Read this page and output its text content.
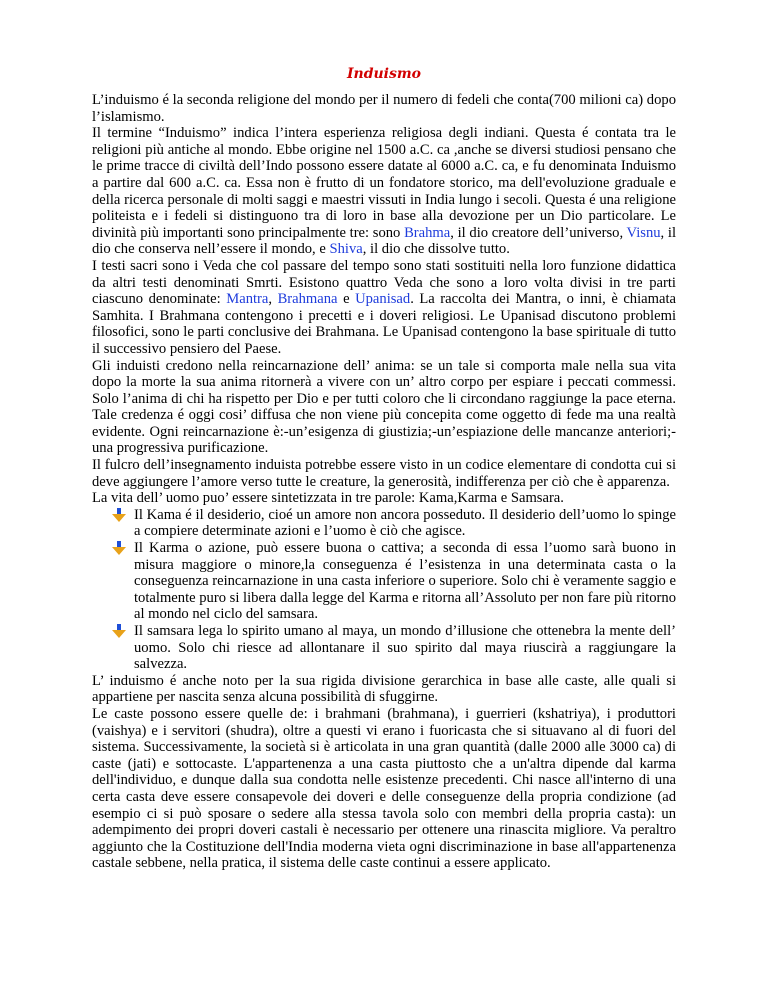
Induismo

L’induismo é la seconda religione del mondo per il numero di fedeli che conta(700 milioni ca) dopo l’islamismo.

Il termine “Induismo” indica l’intera esperienza religiosa degli indiani. Questa é contata tra le religioni più antiche al mondo. Ebbe origine nel 1500 a.C. ca ,anche se diversi studiosi pensano che le prime tracce di civiltà dell’Indo possono essere datate al 6000 a.C. ca, e fu denominata Induismo a partire dal 600 a.C. ca. Essa non è frutto di un fondatore storico, ma dell'evoluzione graduale e della ricerca personale di molti saggi e maestri vissuti in India lungo i secoli. Questa é una religione politeista e i fedeli si distinguono tra di loro in base alla devozione per un Dio particolare. Le divinità più importanti sono principalmente tre: sono Brahma, il dio creatore dell’universo, Visnu, il dio che conserva nell’essere il mondo, e Shiva, il dio che dissolve tutto.

I testi sacri sono i Veda che col passare del tempo sono stati sostituiti nella loro funzione didattica da altri testi denominati Smrti. Esistono quattro Veda che sono a loro volta divisi in tre parti ciascuno denominate: Mantra, Brahmana e Upanisad. La raccolta dei Mantra, o inni, è chiamata Samhita. I Brahmana contengono i precetti e i doveri religiosi. Le Upanisad discutono problemi filosofici, sono le parti conclusive dei Brahmana. Le Upanisad contengono la base spirituale di tutto il successivo pensiero del Paese.

Gli induisti credono nella reincarnazione dell’ anima: se un tale si comporta male nella sua vita dopo la morte la sua anima ritornerà a vivere con un’ altro corpo per espiare i peccati commessi. Solo l’anima di chi ha rispetto per Dio e per tutti coloro che li circondano raggiunge la pace eterna. Tale credenza é oggi cosi’ diffusa che non viene più concepita come oggetto di fede ma una realtà evidente. Ogni reincarnazione è:-un’esigenza di giustizia;-un’espiazione delle mancanze anteriori;-una progressiva purificazione.

Il fulcro dell’insegnamento induista potrebbe essere visto in un codice elementare di condotta cui si deve aggiungere l’amore verso tutte le creature, la generosità, indifferenza per ciò che è apparenza.

La vita dell’ uomo puo’ essere sintetizzata in tre parole: Kama,Karma e Samsara.

Il Kama é il desiderio, cioé un amore non ancora posseduto. Il desiderio dell’uomo lo spinge a compiere determinate azioni e l’uomo è ciò che agisce.
Il Karma o azione, può essere buona o cattiva; a seconda di essa l’uomo sarà buono in misura maggiore o minore,la conseguenza é l’esistenza in una determinata casta o la conseguenza reincarnazione in una casta inferiore o superiore. Solo chi è veramente saggio e totalmente puro si libera dalla legge del Karma e ritorna all’Assoluto per non fare più ritorno al mondo nel ciclo del samsara.
Il samsara lega lo spirito umano al maya, un mondo d’illusione che ottenebra la mente dell’ uomo. Solo chi riesce ad allontanare il suo spirito dal maya riuscirà a raggiungare la salvezza.

L’ induismo é anche noto per la sua rigida divisione gerarchica in base alle caste, alle quali si appartiene per nascita senza alcuna possibilità di sfuggirne.

Le caste possono essere quelle de: i brahmani (brahmana), i guerrieri (kshatriya), i produttori (vaishya) e i servitori (shudra), oltre a questi vi erano i fuoricasta che si situavano al di fuori del sistema. Successivamente, la società si è articolata in una gran quantità (dalle 2000 alle 3000 ca) di caste (jati) e sottocaste. L'appartenenza a una casta piuttosto che a un'altra dipende dal karma dell'individuo, e dunque dalla sua condotta nelle esistenze precedenti. Chi nasce all'interno di una certa casta deve essere consapevole dei doveri e delle conseguenze della propria condizione (ad esempio ci si può sposare o sedere alla stessa tavola solo con membri della propria casta): un adempimento dei propri doveri castali è necessario per ottenere una rinascita migliore. Va peraltro aggiunto che la Costituzione dell'India moderna vieta ogni discriminazione in base all'appartenenza castale sebbene, nella pratica, il sistema delle caste continui a essere applicato.
